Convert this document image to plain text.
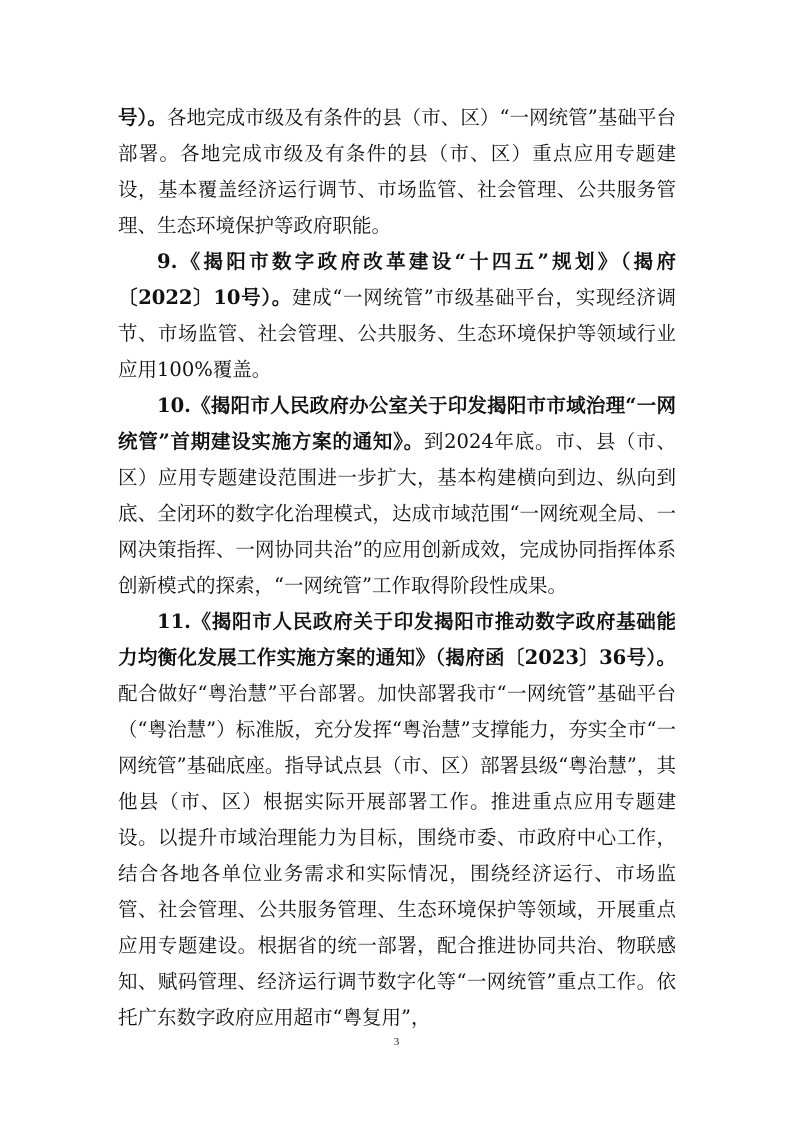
号）。各地完成市级及有条件的县（市、区）“一网统管”基础平台部署。各地完成市级及有条件的县（市、区）重点应用专题建设，基本覆盖经济运行调节、市场监管、社会管理、公共服务管理、生态环境保护等政府职能。

9.《揭阳市数字政府改革建设“十四五”规划》（揭府〔2022〕10号）。建成“一网统管”市级基础平台，实现经济调节、市场监管、社会管理、公共服务、生态环境保护等领域行业应用100%覆盖。

10.《揭阳市人民政府办公室关于印发揭阳市市域治理“一网统管”首期建设实施方案的通知》。到2024年底。市、县（市、区）应用专题建设范围进一步扩大，基本构建横向到边、纵向到底、全闭环的数字化治理模式，达成市域范围“一网统观全局、一网决策指挥、一网协同共治”的应用创新成效，完成协同指挥体系创新模式的探索，“一网统管”工作取得阶段性成果。

11.《揭阳市人民政府关于印发揭阳市推动数字政府基础能力均衡化发展工作实施方案的通知》（揭府函〔2023〕36号）。配合做好“粤治慧”平台部署。加快部署我市“一网统管”基础平台（“粤治慧”）标准版，充分发挥“粤治慧”支撑能力，夯实全市“一网统管”基础底座。指导试点县（市、区）部署县级“粤治慧”，其他县（市、区）根据实际开展部署工作。推进重点应用专题建设。以提升市域治理能力为目标，围绕市委、市政府中心工作，结合各地各单位业务需求和实际情况，围绕经济运行、市场监管、社会管理、公共服务管理、生态环境保护等领域，开展重点应用专题建设。根据省的统一部署，配合推进协同共治、物联感知、赋码管理、经济运行调节数字化等“一网统管”重点工作。依托广东数字政府应用超市“粤复用”，

3
